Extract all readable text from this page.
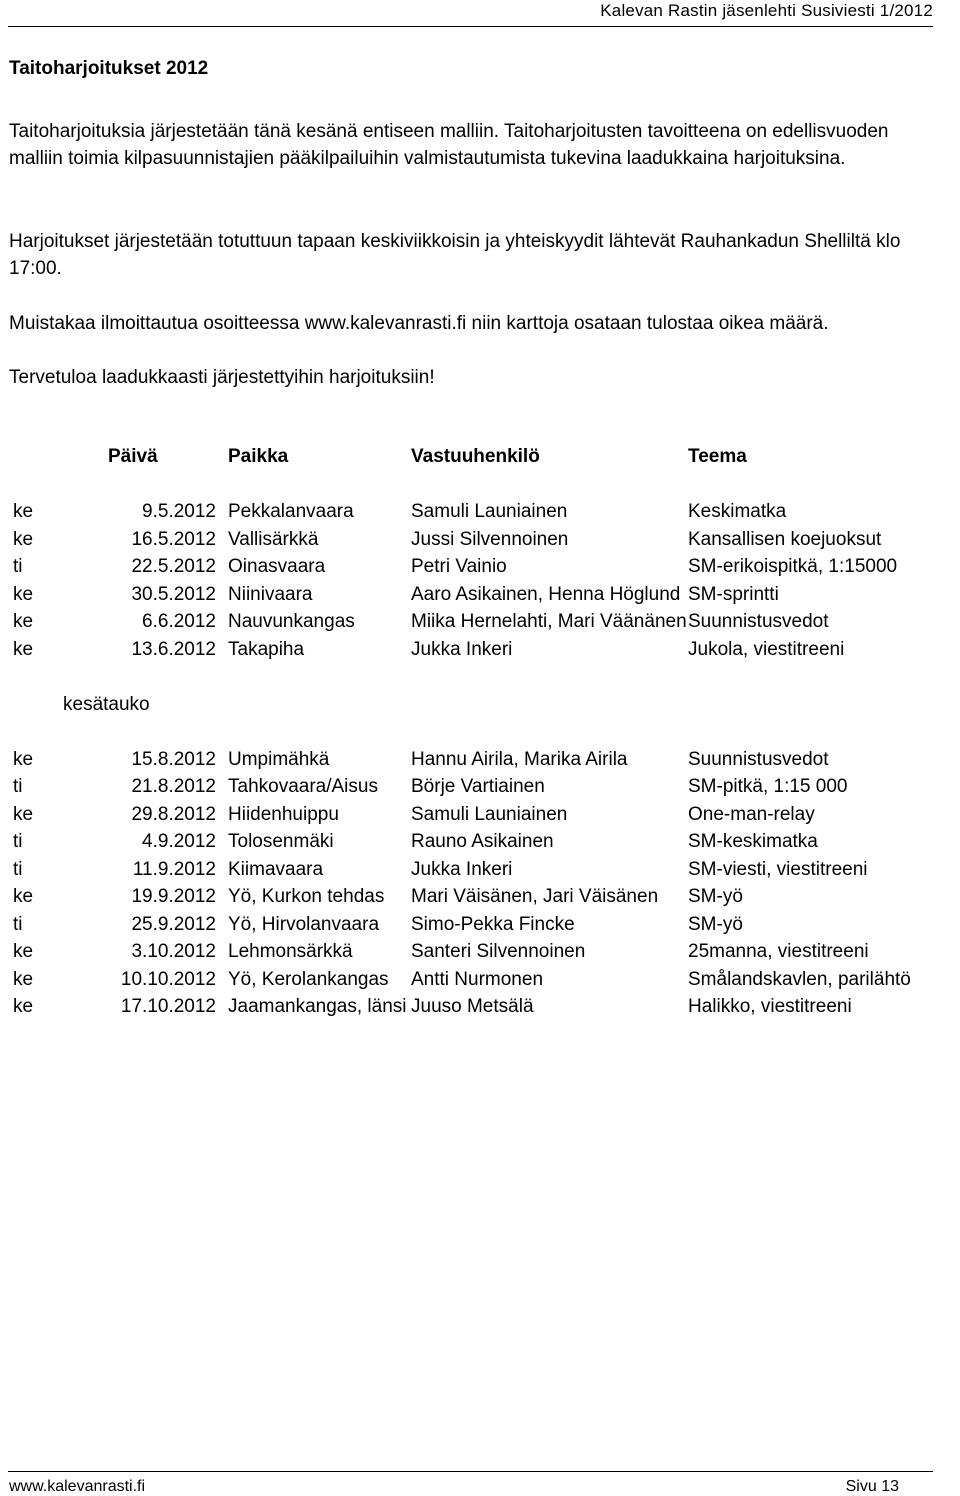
Kalevan Rastin jäsenlehti Susiviesti 1/2012
Taitoharjoitukset 2012
Taitoharjoituksia järjestetään tänä kesänä entiseen malliin. Taitoharjoitusten tavoitteena on edellisvuoden malliin toimia kilpasuunnistajien pääkilpailuihin valmistautumista tukevina laadukkaina harjoituksina.
Harjoitukset järjestetään totuttuun tapaan keskiviikkoisin ja yhteiskyydit lähtevät Rauhankadun Shelliltä klo 17:00.
Muistakaa ilmoittautua osoitteessa www.kalevanrasti.fi niin karttoja osataan tulostaa oikea määrä.
Tervetuloa laadukkaasti järjestettyihin harjoituksiin!
	Päivä	Paikka	Vastuuhenkilö	Teema

ke	9.5.2012	Pekkalanvaara	Samuli Launiainen	Keskimatka
ke	16.5.2012	Vallisärkkä	Jussi Silvennoinen	Kansallisen koejuoksut
ti	22.5.2012	Oinasvaara	Petri Vainio	SM-erikoispitkä, 1:15000
ke	30.5.2012	Niinivaara	Aaro Asikainen, Henna Höglund	SM-sprintti
ke	6.6.2012	Nauvunkangas	Miika Hernelahti, Mari Väänänen	Suunnistusvedot
ke	13.6.2012	Takapiha	Jukka Inkeri	Jukola, viestitreeni

kesätauko				

ke	15.8.2012	Umpimähkä	Hannu Airila, Marika Airila	Suunnistusvedot
ti	21.8.2012	Tahkovaara/Aisus	Börje Vartiainen	SM-pitkä, 1:15 000
ke	29.8.2012	Hiidenhuippu	Samuli Launiainen	One-man-relay
ti	4.9.2012	Tolosenmäki	Rauno Asikainen	SM-keskimatka
ti	11.9.2012	Kiimavaara	Jukka Inkeri	SM-viesti, viestitreeni
ke	19.9.2012	Yö, Kurkon tehdas	Mari Väisänen, Jari Väisänen	SM-yö
ti	25.9.2012	Yö, Hirvolanvaara	Simo-Pekka Fincke	SM-yö
ke	3.10.2012	Lehmonsärkkä	Santeri Silvennoinen	25manna, viestitreeni
ke	10.10.2012	Yö, Kerolankangas	Antti Nurmonen	Smålandskavlen, parilähtö
ke	17.10.2012	Jaamankangas, länsi	Juuso Metsälä	Halikko, viestitreeni
www.kalevanrasti.fi	Sivu 13
